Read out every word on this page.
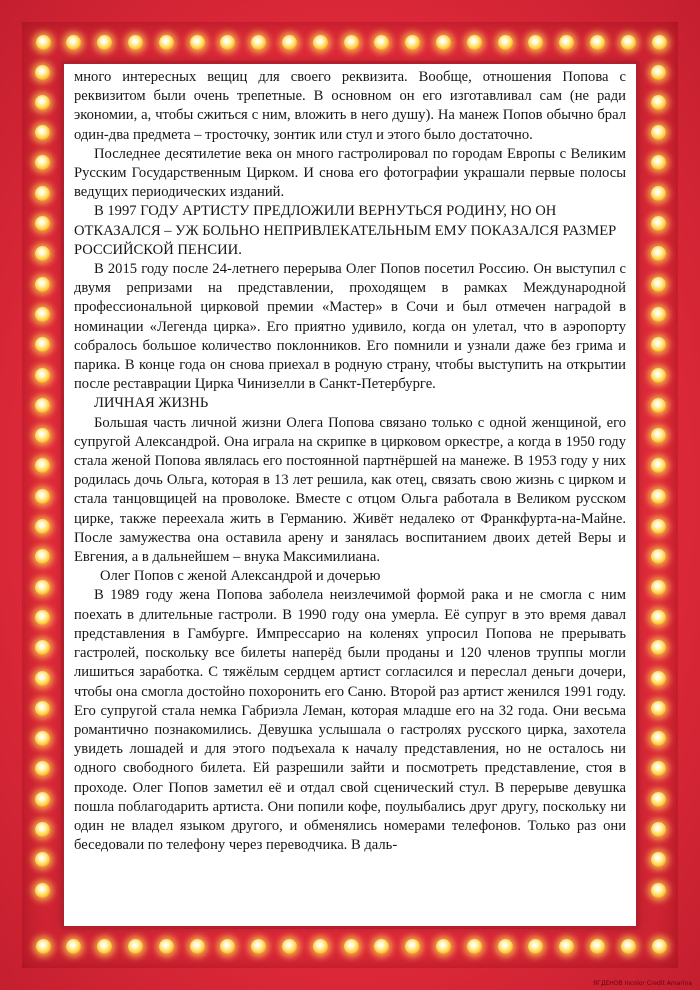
много интересных вещиц для своего реквизита. Вообще, отношения Попова с реквизитом были очень трепетные. В основном он его изготавливал сам (не ради экономии, а, чтобы сжиться с ним, вложить в него душу). На манеж Попов обычно брал один-два предмета – тросточку, зонтик или стул и этого было достаточно.

Последнее десятилетие века он много гастролировал по городам Европы с Великим Русским Государственным Цирком. И снова его фотографии украшали первые полосы ведущих периодических изданий.

В 1997 ГОДУ АРТИСТУ ПРЕДЛОЖИЛИ ВЕРНУТЬСЯ РОДИНУ, НО ОН ОТКАЗАЛСЯ – УЖ БОЛЬНО НЕПРИВЛЕКАТЕЛЬНЫМ ЕМУ ПОКАЗАЛСЯ РАЗМЕР РОССИЙСКОЙ ПЕНСИИ.

В 2015 году после 24-летнего перерыва Олег Попов посетил Россию. Он выступил с двумя репризами на представлении, проходящем в рамках Международной профессиональной цирковой премии «Мастер» в Сочи и был отмечен наградой в номинации «Легенда цирка». Его приятно удивило, когда он улетал, что в аэропорту собралось большое количество поклонников. Его помнили и узнали даже без грима и парика. В конце года он снова приехал в родную страну, чтобы выступить на открытии после реставрации Цирка Чинизелли в Санкт-Петербурге.

ЛИЧНАЯ ЖИЗНЬ

Большая часть личной жизни Олега Попова связано только с одной женщиной, его супругой Александрой. Она играла на скрипке в цирковом оркестре, а когда в 1950 году стала женой Попова являлась его постоянной партнёршей на манеже. В 1953 году у них родилась дочь Ольга, которая в 13 лет решила, как отец, связать свою жизнь с цирком и стала танцовщицей на проволоке. Вместе с отцом Ольга работала в Великом русском цирке, также переехала жить в Германию. Живёт недалеко от Франкфурта-на-Майне. После замужества она оставила арену и занялась воспитанием двоих детей Веры и Евгения, а в дальнейшем – внука Максимилиана.

Олег Попов с женой Александрой и дочерью

В 1989 году жена Попова заболела неизлечимой формой рака и не смогла с ним поехать в длительные гастроли. В 1990 году она умерла. Её супруг в это время давал представления в Гамбурге. Импрессарио на коленях упросил Попова не прерывать гастролей, поскольку все билеты наперёд были проданы и 120 членов труппы могли лишиться заработка. С тяжёлым сердцем артист согласился и переслал деньги дочери, чтобы она смогла достойно похоронить его Саню. Второй раз артист женился 1991 году. Его супругой стала немка Габриэла Леман, которая младше его на 32 года. Они весьма романтично познакомились. Девушка услышала о гастролях русского цирка, захотела увидеть лошадей и для этого подъехала к началу представления, но не осталось ни одного свободного билета. Ей разрешили зайти и посмотреть представление, стоя в проходе. Олег Попов заметил её и отдал свой сценический стул. В перерыве девушка пошла поблагодарить артиста. Они попили кофе, поулыбались друг другу, поскольку ни один не владел языком другого, и обменялись номерами телефонов. Только раз они беседовали по телефону через переводчика. В даль-

ЯГДЕНОВ Incolor Credit Amarina
